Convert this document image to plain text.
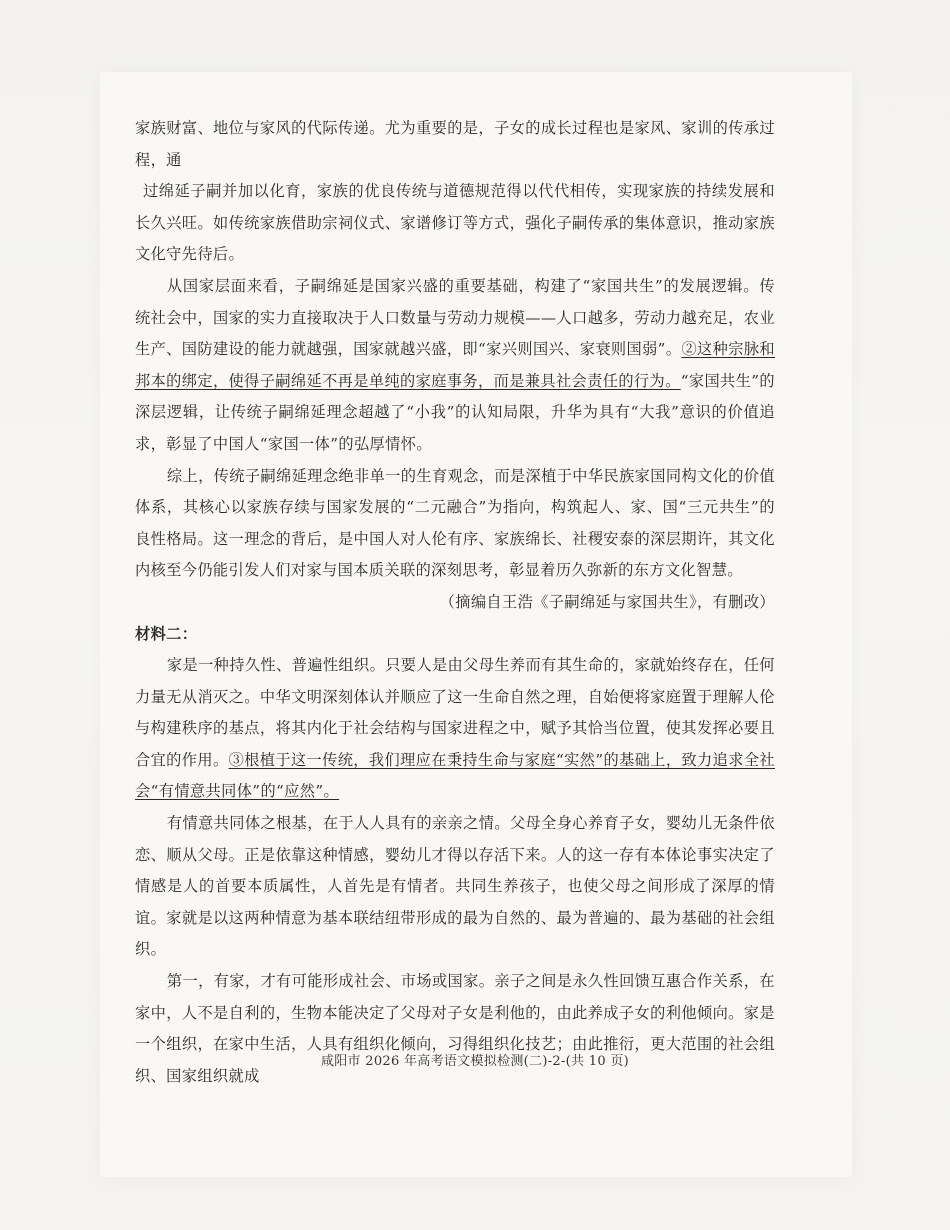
家族财富、地位与家风的代际传递。尤为重要的是，子女的成长过程也是家风、家训的传承过程，通
过绵延子嗣并加以化育，家族的优良传统与道德规范得以代代相传，实现家族的持续发展和长久兴旺。如传统家族借助宗祠仪式、家谱修订等方式，强化子嗣传承的集体意识，推动家族文化守先待后。

从国家层面来看，子嗣绵延是国家兴盛的重要基础，构建了“家国共生”的发展逻辑。传统社会中，国家的实力直接取决于人口数量与劳动力规模——人口越多，劳动力越充足，农业生产、国防建设的能力就越强，国家就越兴盛，即“家兴则国兴、家衰则国弱”。②这种宗脉和邦本的绑定，使得子嗣绵延不再是单纯的家庭事务，而是兼具社会责任的行为。“家国共生”的深层逻辑，让传统子嗣绵延理念超越了“小我”的认知局限，升华为具有“大我”意识的价值追求，彰显了中国人“家国一体”的弘厚情怀。

综上，传统子嗣绵延理念绝非单一的生育观念，而是深植于中华民族家国同构文化的价值体系，其核心以家族存续与国家发展的“二元融合”为指向，构筑起人、家、国“三元共生”的良性格局。这一理念的背后，是中国人对人伦有序、家族绵长、社稷安泰的深层期许，其文化内核至今仍能引发人们对家与国本质关联的深刻思考，彰显着历久弥新的东方文化智慧。

（摘编自王浩《子嗣绵延与家国共生》，有删改）

材料二：

家是一种持久性、普遍性组织。只要人是由父母生养而有其生命的，家就始终存在，任何力量无从消灭之。中华文明深刻体认并顺应了这一生命自然之理，自始便将家庭置于理解人伦与构建秩序的基点，将其内化于社会结构与国家进程之中，赋予其恰当位置，使其发挥必要且合宜的作用。③根植于这一传统，我们理应在秉持生命与家庭“实然”的基础上，致力追求全社会“有情意共同体”的“应然”。

有情意共同体之根基，在于人人具有的亲亲之情。父母全身心养育子女，婴幼儿无条件依恋、顺从父母。正是依靠这种情感，婴幼儿才得以存活下来。人的这一存有本体论事实决定了情感是人的首要本质属性，人首先是有情者。共同生养孩子，也使父母之间形成了深厚的情谊。家就是以这两种情意为基本联结纽带形成的最为自然的、最为普遍的、最为基础的社会组织。

第一，有家，才有可能形成社会、市场或国家。亲子之间是永久性回馈互惠合作关系，在家中，人不是自利的，生物本能决定了父母对子女是利他的，由此养成子女的利他倾向。家是一个组织，在家中生活，人具有组织化倾向，习得组织化技艺；由此推衍，更大范围的社会组织、国家组织就成

咸阳市 2026 年高考语文模拟检测(二)-2-(共 10 页)
